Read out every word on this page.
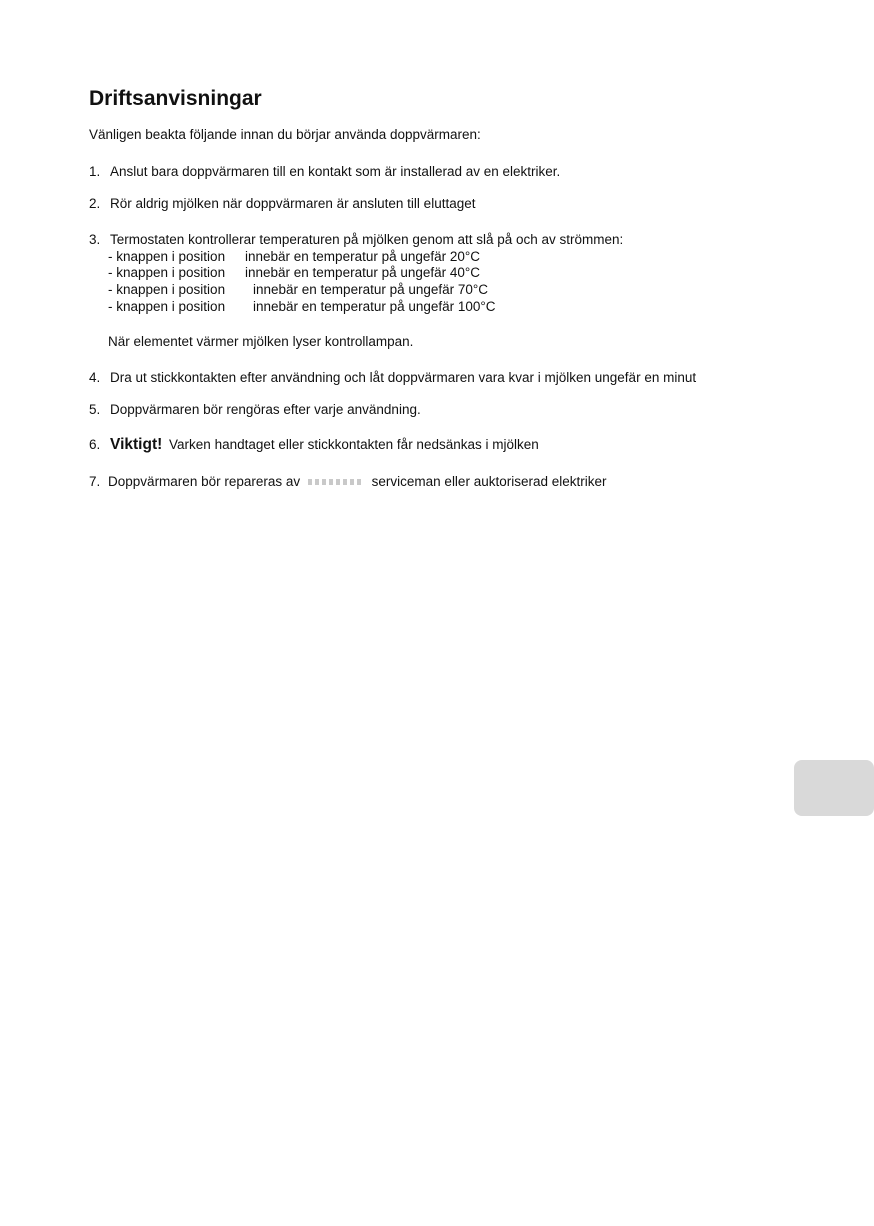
Driftsanvisningar
Vänligen beakta följande innan du börjar använda doppvärmaren:
1. Anslut bara doppvärmaren till en kontakt som är installerad av en elektriker.
2. Rör aldrig mjölken när doppvärmaren är ansluten till eluttaget
3. Termostaten kontrollerar temperaturen på mjölken genom att slå på och av strömmen:
- knappen i position innebär en temperatur på ungefär 20°C
- knappen i position innebär en temperatur på ungefär 40°C
- knappen i position innebär en temperatur på ungefär 70°C
- knappen i position innebär en temperatur på ungefär 100°C
När elementet värmer mjölken lyser kontrollampan.
4. Dra ut stickkontakten efter användning och låt doppvärmaren vara kvar i mjölken ungefär en minut
5. Doppvärmaren bör rengöras efter varje användning.
6. Viktigt! Varken handtaget eller stickkontakten får nedsänkas i mjölken
7. Doppvärmaren bör repareras av	serviceman eller auktoriserad elektriker
